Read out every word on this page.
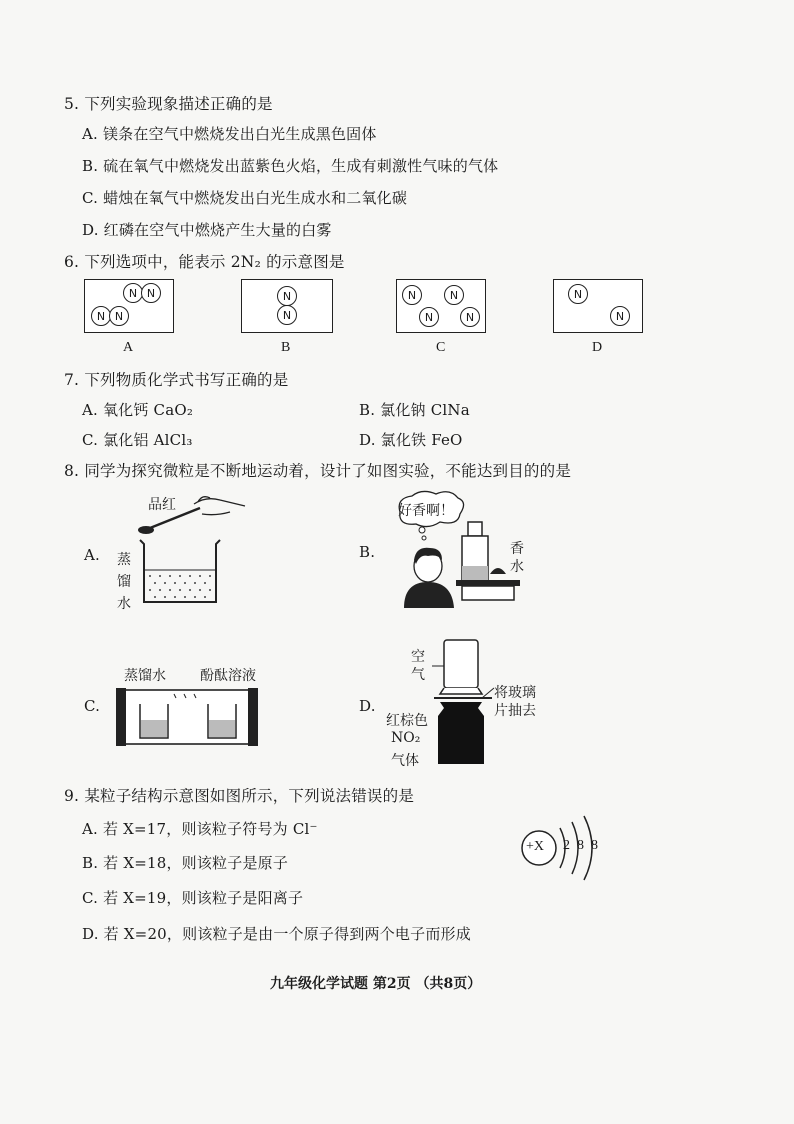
5. 下列实验现象描述正确的是
A. 镁条在空气中燃烧发出白光生成黑色固体
B. 硫在氧气中燃烧发出蓝紫色火焰，生成有刺激性气味的气体
C. 蜡烛在氧气中燃烧发出白光生成水和二氧化碳
D. 红磷在空气中燃烧产生大量的白雾
6. 下列选项中，能表示 2N₂ 的示意图是
N N
N N
A
N
N
B
N	N
N	N
C
N
N
D
7. 下列物质化学式书写正确的是
A. 氧化钙 CaO₂	B. 氯化钠 ClNa
C. 氯化铝 AlCl₃	D. 氯化铁 FeO
8. 同学为探究微粒是不断地运动着，设计了如图实验，不能达到目的的是
A.
品红
蒸
馏
水
B.
好香啊！
香
水
C.
蒸馏水 酚酞溶液
D.
空
气
将玻璃
片抽去
红棕色
NO₂
气体
9. 某粒子结构示意图如图所示，下列说法错误的是
A. 若 X=17，则该粒子符号为 Cl⁻
B. 若 X=18，则该粒子是原子
C. 若 X=19，则该粒子是阳离子
D. 若 X=20，则该粒子是由一个原子得到两个电子而形成
+X 2 8 8
九年级化学试题 第2页 （共8页）
